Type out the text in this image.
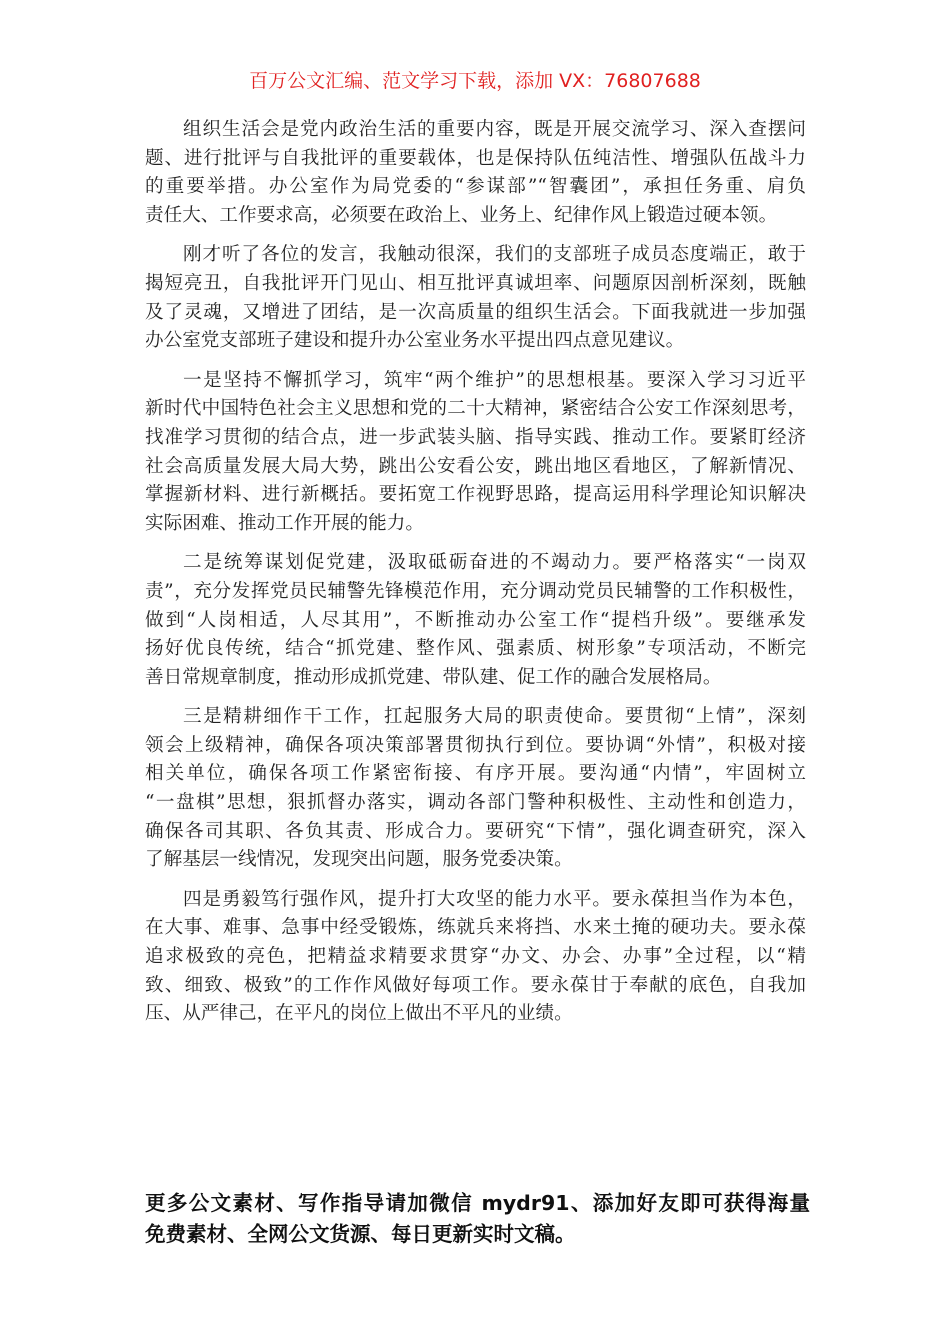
百万公文汇编、范文学习下载，添加 VX：76807688
组织生活会是党内政治生活的重要内容，既是开展交流学习、深入查摆问
题、进行批评与自我批评的重要载体，也是保持队伍纯洁性、增强队伍战斗力
的重要举措。办公室作为局党委的“参谋部”“智囊团”，承担任务重、肩负
责任大、工作要求高，必须要在政治上、业务上、纪律作风上锻造过硬本领。
刚才听了各位的发言，我触动很深，我们的支部班子成员态度端正，敢于
揭短亮丑，自我批评开门见山、相互批评真诚坦率、问题原因剖析深刻，既触
及了灵魂，又增进了团结，是一次高质量的组织生活会。下面我就进一步加强
办公室党支部班子建设和提升办公室业务水平提出四点意见建议。
一是坚持不懈抓学习，筑牢“两个维护”的思想根基。要深入学习习近平
新时代中国特色社会主义思想和党的二十大精神，紧密结合公安工作深刻思考，
找准学习贯彻的结合点，进一步武装头脑、指导实践、推动工作。要紧盯经济
社会高质量发展大局大势，跳出公安看公安，跳出地区看地区，了解新情况、
掌握新材料、进行新概括。要拓宽工作视野思路，提高运用科学理论知识解决
实际困难、推动工作开展的能力。
二是统筹谋划促党建，汲取砥砺奋进的不竭动力。要严格落实“一岗双
责”，充分发挥党员民辅警先锋模范作用，充分调动党员民辅警的工作积极性，
做到“人岗相适，人尽其用”，不断推动办公室工作“提档升级”。要继承发
扬好优良传统，结合“抓党建、整作风、强素质、树形象”专项活动，不断完
善日常规章制度，推动形成抓党建、带队建、促工作的融合发展格局。
三是精耕细作干工作，扛起服务大局的职责使命。要贯彻“上情”，深刻
领会上级精神，确保各项决策部署贯彻执行到位。要协调“外情”，积极对接
相关单位，确保各项工作紧密衔接、有序开展。要沟通“内情”，牢固树立
“一盘棋”思想，狠抓督办落实，调动各部门警种积极性、主动性和创造力，
确保各司其职、各负其责、形成合力。要研究“下情”，强化调查研究，深入
了解基层一线情况，发现突出问题，服务党委决策。
四是勇毅笃行强作风，提升打大攻坚的能力水平。要永葆担当作为本色，
在大事、难事、急事中经受锻炼，练就兵来将挡、水来土掩的硬功夫。要永葆
追求极致的亮色，把精益求精要求贯穿“办文、办会、办事”全过程，以“精
致、细致、极致”的工作作风做好每项工作。要永葆甘于奉献的底色，自我加
压、从严律己，在平凡的岗位上做出不平凡的业绩。
更多公文素材、写作指导请加微信 mydr91、添加好友即可获得海量
免费素材、全网公文货源、每日更新实时文稿。
